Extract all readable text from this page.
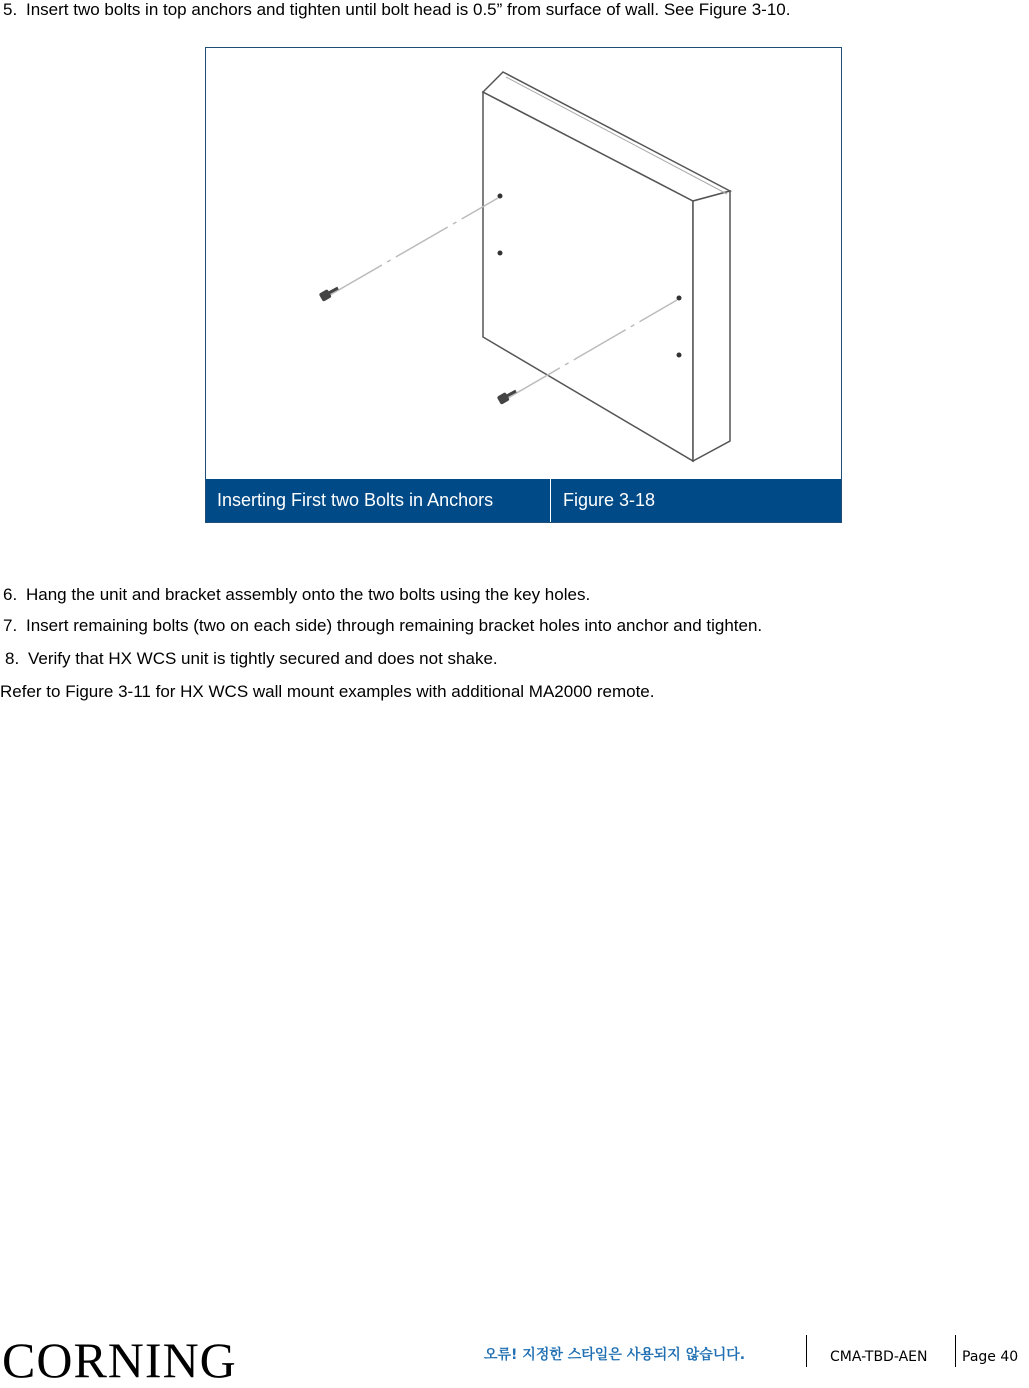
5. Insert two bolts in top anchors and tighten until bolt head is 0.5” from surface of wall. See Figure 3-10.
Inserting First two Bolts in Anchors	Figure 3-18
6. Hang the unit and bracket assembly onto the two bolts using the key holes.
7. Insert remaining bolts (two on each side) through remaining bracket holes into anchor and tighten.
8. Verify that HX WCS unit is tightly secured and does not shake.
Refer to Figure 3-11 for HX WCS wall mount examples with additional MA2000 remote.
CORNING	오류! 지정한 스타일은 사용되지 않습니다.	CMA-TBD-AEN Page 40
